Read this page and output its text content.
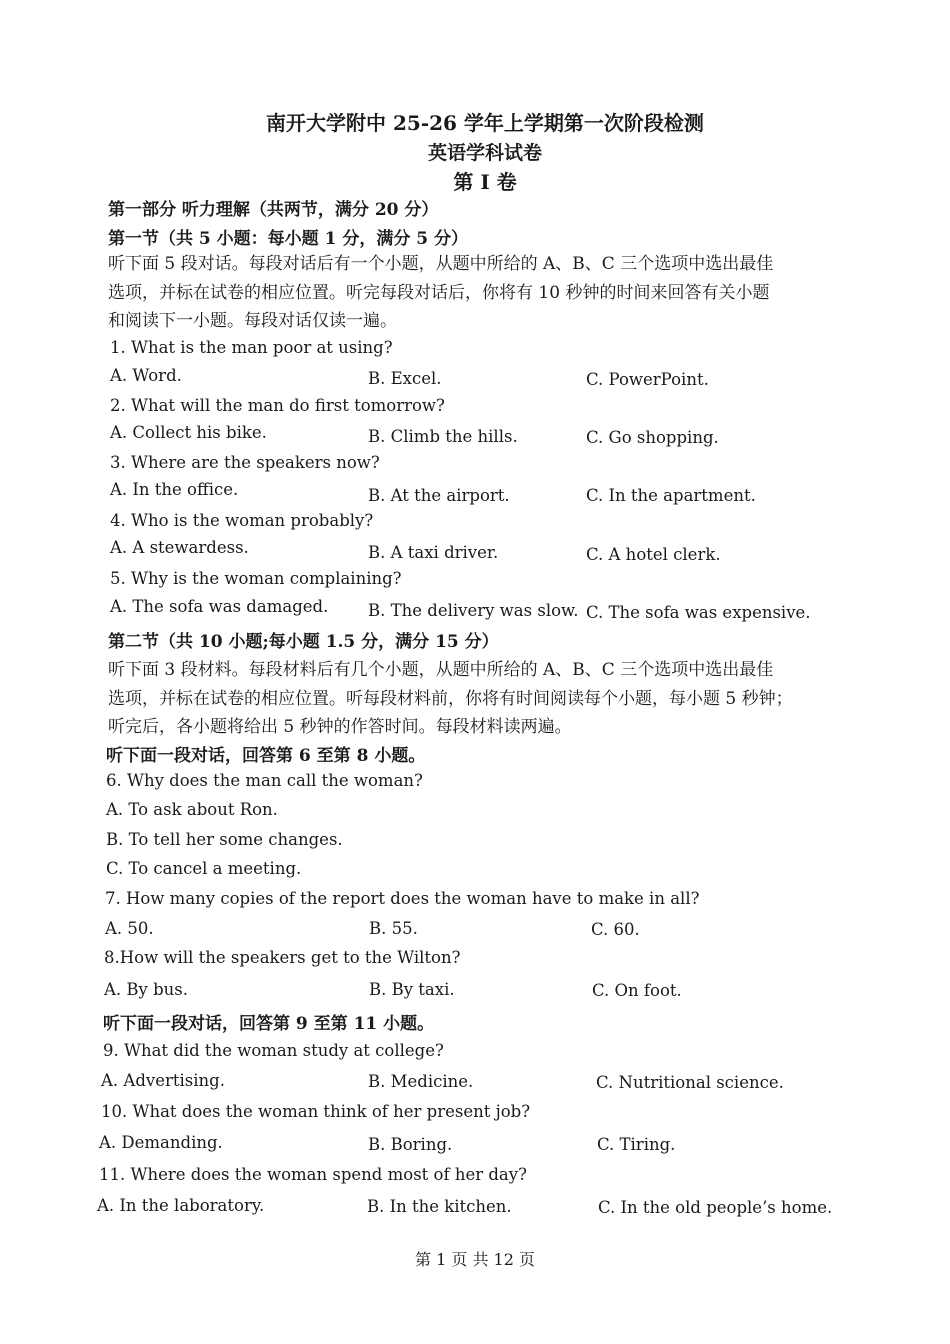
南开大学附中 25-26 学年上学期第一次阶段检测
英语学科试卷
第 I 卷
第一部分 听力理解（共两节，满分 20 分）
第一节（共 5 小题：每小题 1 分，满分 5 分）
听下面 5 段对话。每段对话后有一个小题，从题中所给的 A、B、C 三个选项中选出最佳
选项，并标在试卷的相应位置。听完每段对话后，你将有 10 秒钟的时间来回答有关小题
和阅读下一小题。每段对话仅读一遍。
1. What is the man poor at using?
A. Word.	B. Excel.	C. PowerPoint.
2. What will the man do first tomorrow?
A. Collect his bike.	B. Climb the hills.	C. Go shopping.
3. Where are the speakers now?
A. In the office.	B. At the airport.	C. In the apartment.
4. Who is the woman probably?
A. A stewardess.	B. A taxi driver.	C. A hotel clerk.
5. Why is the woman complaining?
A. The sofa was damaged. B. The delivery was slow. C. The sofa was expensive.
第二节（共 10 小题;每小题 1.5 分，满分 15 分）
听下面 3 段材料。每段材料后有几个小题，从题中所给的 A、B、C 三个选项中选出最佳
选项，并标在试卷的相应位置。听每段材料前，你将有时间阅读每个小题，每小题 5 秒钟；
听完后，各小题将给出 5 秒钟的作答时间。每段材料读两遍。
听下面一段对话，回答第 6 至第 8 小题。
6. Why does the man call the woman?
A. To ask about Ron.
B. To tell her some changes.
C. To cancel a meeting.
7. How many copies of the report does the woman have to make in all?
A. 50.	B. 55.	C. 60.
8.How will the speakers get to the Wilton?
A. By bus.	B. By taxi.	C. On foot.
听下面一段对话，回答第 9 至第 11 小题。
9. What did the woman study at college?
A. Advertising.	B. Medicine.	C. Nutritional science.
10. What does the woman think of her present job?
A. Demanding.	B. Boring.	C. Tiring.
11. Where does the woman spend most of her day?
A. In the laboratory.	B. In the kitchen.	C. In the old people’s home.
第 1 页 共 12 页
